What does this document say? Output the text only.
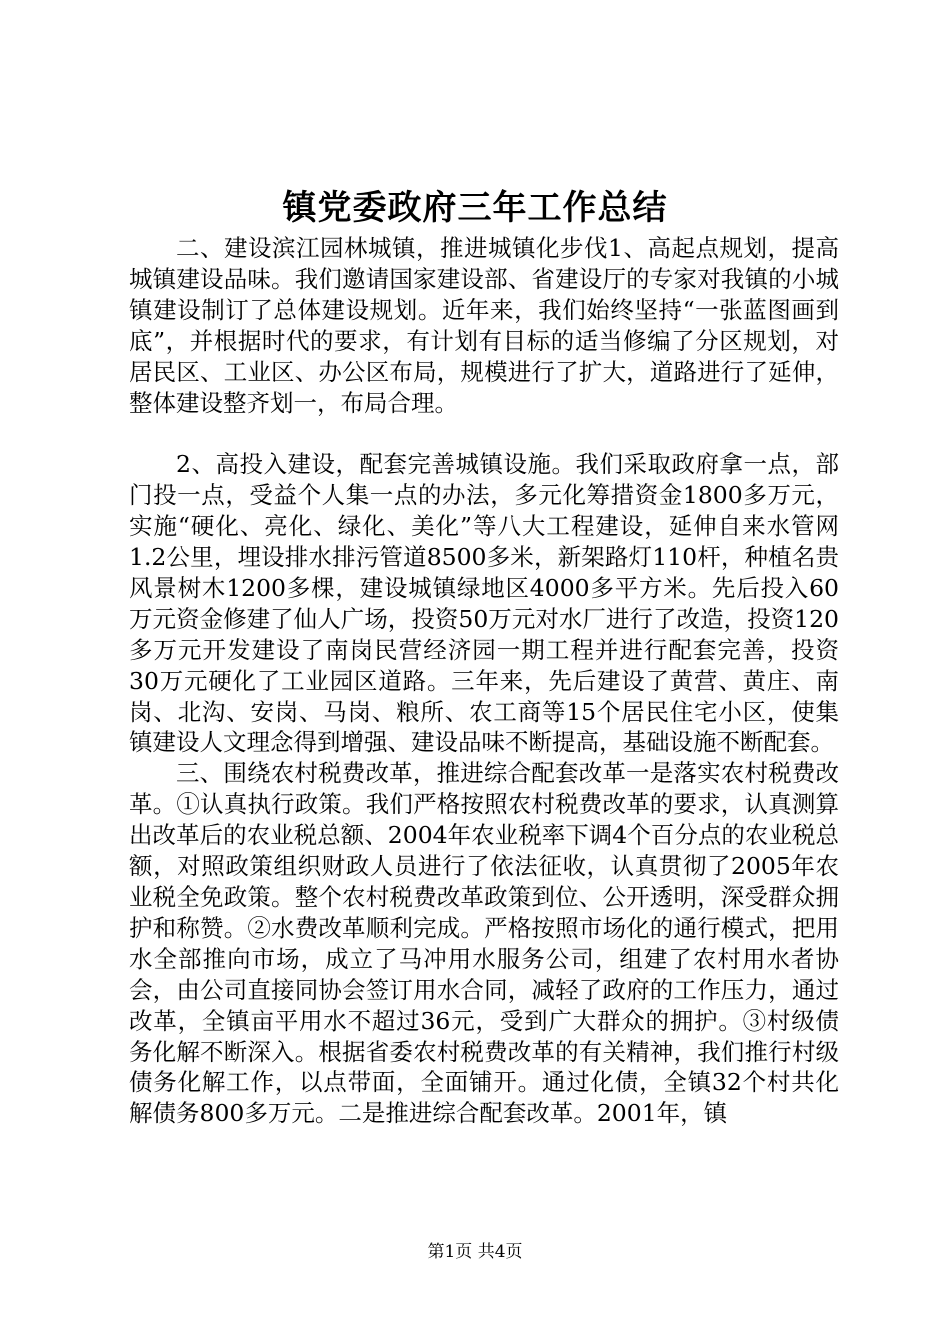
镇党委政府三年工作总结

二、建设滨江园林城镇，推进城镇化步伐1、高起点规划，提高城镇建设品味。我们邀请国家建设部、省建设厅的专家对我镇的小城镇建设制订了总体建设规划。近年来，我们始终坚持“一张蓝图画到底”，并根据时代的要求，有计划有目标的适当修编了分区规划，对居民区、工业区、办公区布局，规模进行了扩大，道路进行了延伸，整体建设整齐划一，布局合理。

2、高投入建设，配套完善城镇设施。我们采取政府拿一点，部门投一点，受益个人集一点的办法，多元化筹措资金1800多万元，实施“硬化、亮化、绿化、美化”等八大工程建设，延伸自来水管网1.2公里，埋设排水排污管道8500多米，新架路灯110杆，种植名贵风景树木1200多棵，建设城镇绿地区4000多平方米。先后投入60万元资金修建了仙人广场，投资50万元对水厂进行了改造，投资120多万元开发建设了南岗民营经济园一期工程并进行配套完善，投资30万元硬化了工业园区道路。三年来，先后建设了黄营、黄庄、南岗、北沟、安岗、马岗、粮所、农工商等15个居民住宅小区，使集镇建设人文理念得到增强、建设品味不断提高，基础设施不断配套。

三、围绕农村税费改革，推进综合配套改革一是落实农村税费改革。①认真执行政策。我们严格按照农村税费改革的要求，认真测算出改革后的农业税总额、2004年农业税率下调4个百分点的农业税总额，对照政策组织财政人员进行了依法征收，认真贯彻了2005年农业税全免政策。整个农村税费改革政策到位、公开透明，深受群众拥护和称赞。②水费改革顺利完成。严格按照市场化的通行模式，把用水全部推向市场，成立了马冲用水服务公司，组建了农村用水者协会，由公司直接同协会签订用水合同，减轻了政府的工作压力，通过改革，全镇亩平用水不超过36元，受到广大群众的拥护。③村级债务化解不断深入。根据省委农村税费改革的有关精神，我们推行村级债务化解工作，以点带面，全面铺开。通过化债，全镇32个村共化解债务800多万元。二是推进综合配套改革。2001年，镇

第1页 共4页
